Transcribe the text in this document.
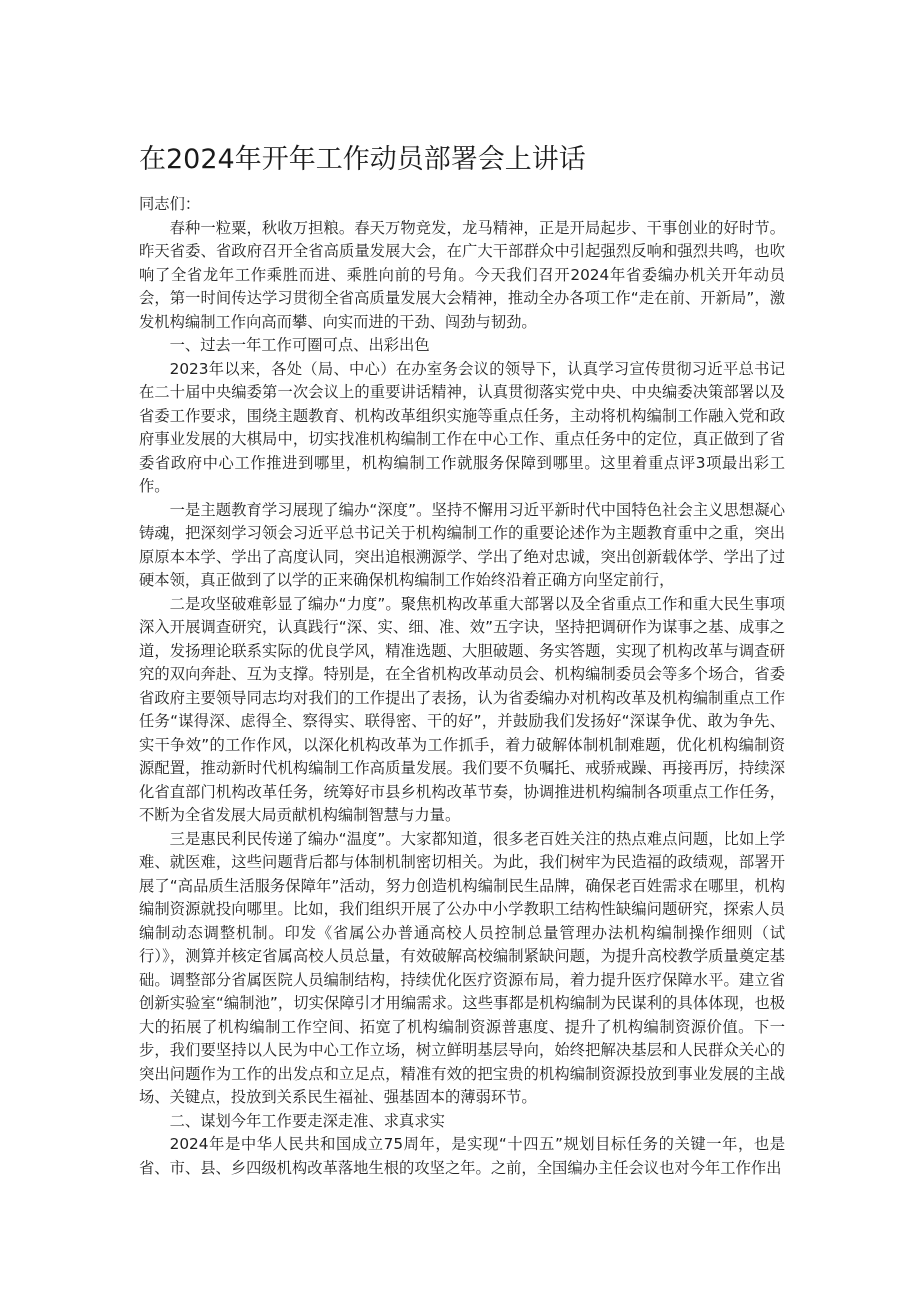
在2024年开年工作动员部署会上讲话

同志们：

春种一粒粟，秋收万担粮。春天万物竞发，龙马精神，正是开局起步、干事创业的好时节。昨天省委、省政府召开全省高质量发展大会，在广大干部群众中引起强烈反响和强烈共鸣，也吹响了全省龙年工作乘胜而进、乘胜向前的号角。今天我们召开2024年省委编办机关开年动员会，第一时间传达学习贯彻全省高质量发展大会精神，推动全办各项工作“走在前、开新局”，激发机构编制工作向高而攀、向实而进的干劲、闯劲与韧劲。

一、过去一年工作可圈可点、出彩出色

2023年以来，各处（局、中心）在办室务会议的领导下，认真学习宣传贯彻习近平总书记在二十届中央编委第一次会议上的重要讲话精神，认真贯彻落实党中央、中央编委决策部署以及省委工作要求，围绕主题教育、机构改革组织实施等重点任务，主动将机构编制工作融入党和政府事业发展的大棋局中，切实找准机构编制工作在中心工作、重点任务中的定位，真正做到了省委省政府中心工作推进到哪里，机构编制工作就服务保障到哪里。这里着重点评3项最出彩工作。

一是主题教育学习展现了编办“深度”。坚持不懈用习近平新时代中国特色社会主义思想凝心铸魂，把深刻学习领会习近平总书记关于机构编制工作的重要论述作为主题教育重中之重，突出原原本本学、学出了高度认同，突出追根溯源学、学出了绝对忠诚，突出创新载体学、学出了过硬本领，真正做到了以学的正来确保机构编制工作始终沿着正确方向坚定前行，

二是攻坚破难彰显了编办“力度”。聚焦机构改革重大部署以及全省重点工作和重大民生事项深入开展调查研究，认真践行“深、实、细、准、效”五字诀，坚持把调研作为谋事之基、成事之道，发扬理论联系实际的优良学风，精准选题、大胆破题、务实答题，实现了机构改革与调查研究的双向奔赴、互为支撑。特别是，在全省机构改革动员会、机构编制委员会等多个场合，省委省政府主要领导同志均对我们的工作提出了表扬，认为省委编办对机构改革及机构编制重点工作任务“谋得深、虑得全、察得实、联得密、干的好”，并鼓励我们发扬好“深谋争优、敢为争先、实干争效”的工作作风，以深化机构改革为工作抓手，着力破解体制机制难题，优化机构编制资源配置，推动新时代机构编制工作高质量发展。我们要不负嘱托、戒骄戒躁、再接再厉，持续深化省直部门机构改革任务，统筹好市县乡机构改革节奏，协调推进机构编制各项重点工作任务，不断为全省发展大局贡献机构编制智慧与力量。

三是惠民利民传递了编办“温度”。大家都知道，很多老百姓关注的热点难点问题，比如上学难、就医难，这些问题背后都与体制机制密切相关。为此，我们树牢为民造福的政绩观，部署开展了“高品质生活服务保障年”活动，努力创造机构编制民生品牌，确保老百姓需求在哪里，机构编制资源就投向哪里。比如，我们组织开展了公办中小学教职工结构性缺编问题研究，探索人员编制动态调整机制。印发《省属公办普通高校人员控制总量管理办法机构编制操作细则（试行）》，测算并核定省属高校人员总量，有效破解高校编制紧缺问题，为提升高校教学质量奠定基础。调整部分省属医院人员编制结构，持续优化医疗资源布局，着力提升医疗保障水平。建立省创新实验室“编制池”，切实保障引才用编需求。这些事都是机构编制为民谋利的具体体现，也极大的拓展了机构编制工作空间、拓宽了机构编制资源普惠度、提升了机构编制资源价值。下一步，我们要坚持以人民为中心工作立场，树立鲜明基层导向，始终把解决基层和人民群众关心的突出问题作为工作的出发点和立足点，精准有效的把宝贵的机构编制资源投放到事业发展的主战场、关键点，投放到关系民生福祉、强基固本的薄弱环节。

二、谋划今年工作要走深走准、求真求实

2024年是中华人民共和国成立75周年，是实现“十四五”规划目标任务的关键一年，也是省、市、县、乡四级机构改革落地生根的攻坚之年。之前，全国编办主任会议也对今年工作作出
